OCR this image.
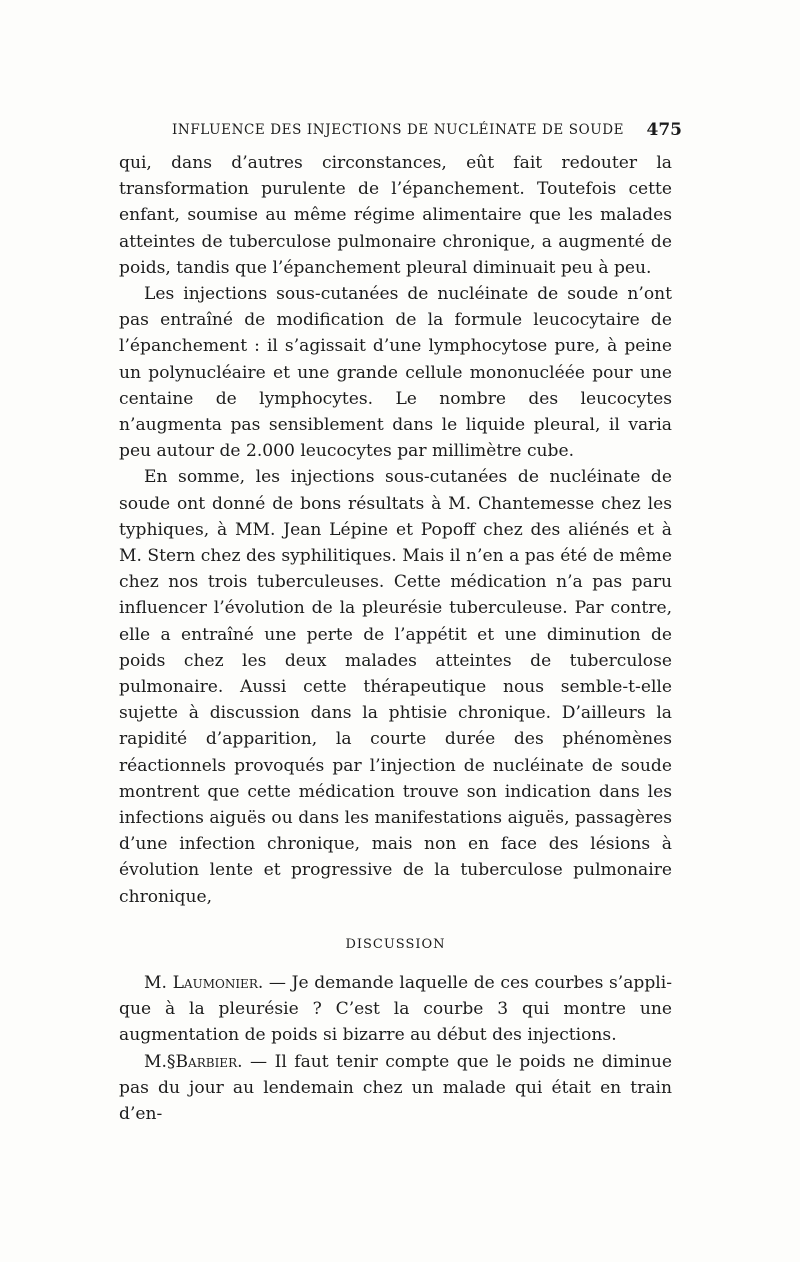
INFLUENCE DES INJECTIONS DE NUCLÉINATE DE SOUDE 475

qui, dans d’autres circonstances, eût fait redouter la transformation purulente de l’épanchement. Toutefois cette enfant, soumise au même régime alimentaire que les malades atteintes de tuberculose pulmonaire chronique, a augmenté de poids, tandis que l’épanchement pleural diminuait peu à peu.

Les injections sous-cutanées de nucléinate de soude n’ont pas entraîné de modification de la formule leucocytaire de l’épanchement : il s’agissait d’une lymphocytose pure, à peine un polynucléaire et une grande cellule mononucléée pour une centaine de lymphocytes. Le nombre des leucocytes n’augmenta pas sensiblement dans le liquide pleural, il varia peu autour de 2.000 leucocytes par millimètre cube.

En somme, les injections sous-cutanées de nucléinate de soude ont donné de bons résultats à M. Chantemesse chez les typhiques, à MM. Jean Lépine et Popoff chez des aliénés et à M. Stern chez des syphilitiques. Mais il n’en a pas été de même chez nos trois tuberculeuses. Cette médication n’a pas paru influencer l’évolution de la pleurésie tuberculeuse. Par contre, elle a entraîné une perte de l’appétit et une diminution de poids chez les deux malades atteintes de tuberculose pulmonaire. Aussi cette thérapeutique nous semble-t-elle sujette à discussion dans la phtisie chronique. D’ailleurs la rapidité d’apparition, la courte durée des phénomènes réactionnels provoqués par l’injection de nucléinate de soude montrent que cette médication trouve son indication dans les infections aiguës ou dans les manifestations aiguës, passagères d’une infection chronique, mais non en face des lésions à évolution lente et progressive de la tuberculose pulmonaire chronique,

DISCUSSION

M. Laumonier. — Je demande laquelle de ces courbes s’applique à la pleurésie ? C’est la courbe 3 qui montre une augmentation de poids si bizarre au début des injections.

M.§Barbier. — Il faut tenir compte que le poids ne diminue pas du jour au lendemain chez un malade qui était en train d’en-
